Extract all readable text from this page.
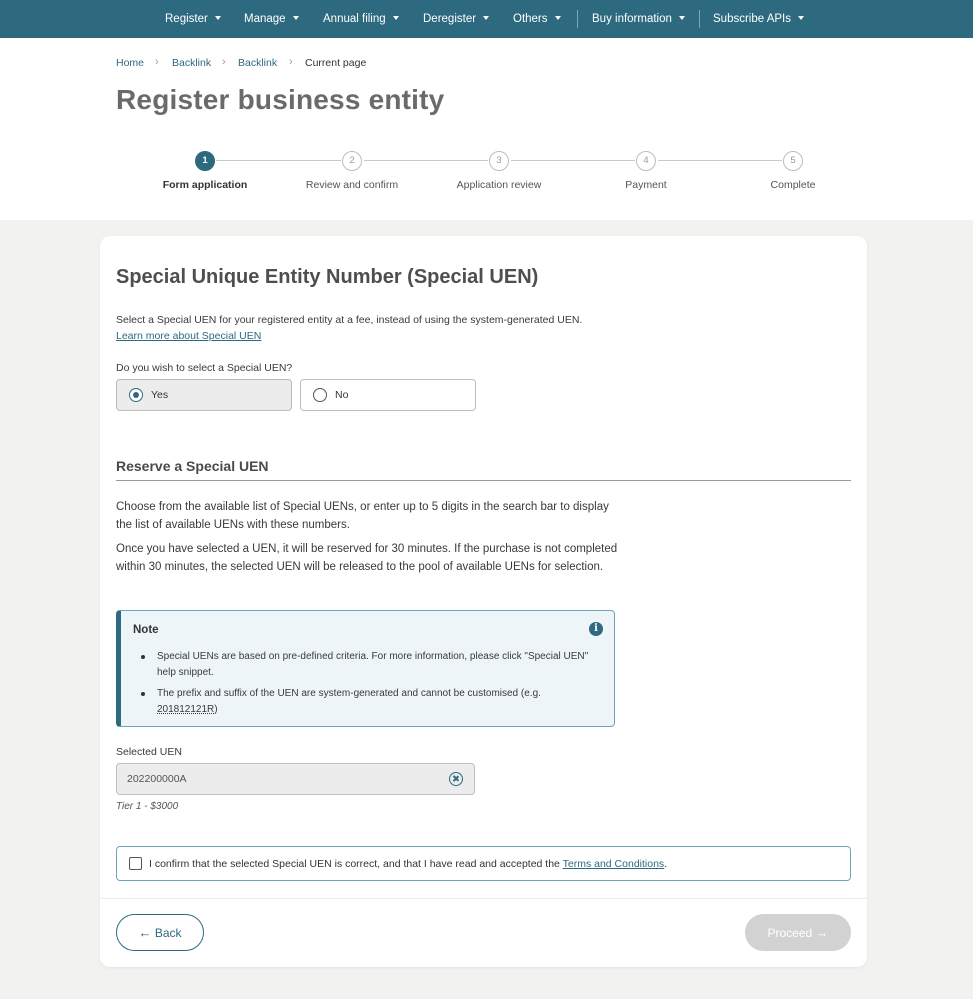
Register	Manage	Annual filing	Deregister	Others	Buy information	Subscribe APIs
Home › Backlink › Backlink › Current page
Register business entity
1	2	3	4	5
Form application	Review and confirm	Application review	Payment	Complete
Special Unique Entity Number (Special UEN)
Select a Special UEN for your registered entity at a fee, instead of using the system-generated UEN.
Learn more about Special UEN
Do you wish to select a Special UEN?
Yes	No
Reserve a Special UEN
Choose from the available list of Special UENs, or enter up to 5 digits in the search bar to display the list of available UENs with these numbers.
Once you have selected a UEN, it will be reserved for 30 minutes. If the purchase is not completed within 30 minutes, the selected UEN will be released to the pool of available UENs for selection.
Note	i
Special UENs are based on pre-defined criteria. For more information, please click "Special UEN" help snippet.
The prefix and suffix of the UEN are system-generated and cannot be customised (e.g. 201812121R)
Selected UEN
202200000A
Tier 1 - $3000
I confirm that the selected Special UEN is correct, and that I have read and accepted the Terms and Conditions.
← Back	Proceed →
